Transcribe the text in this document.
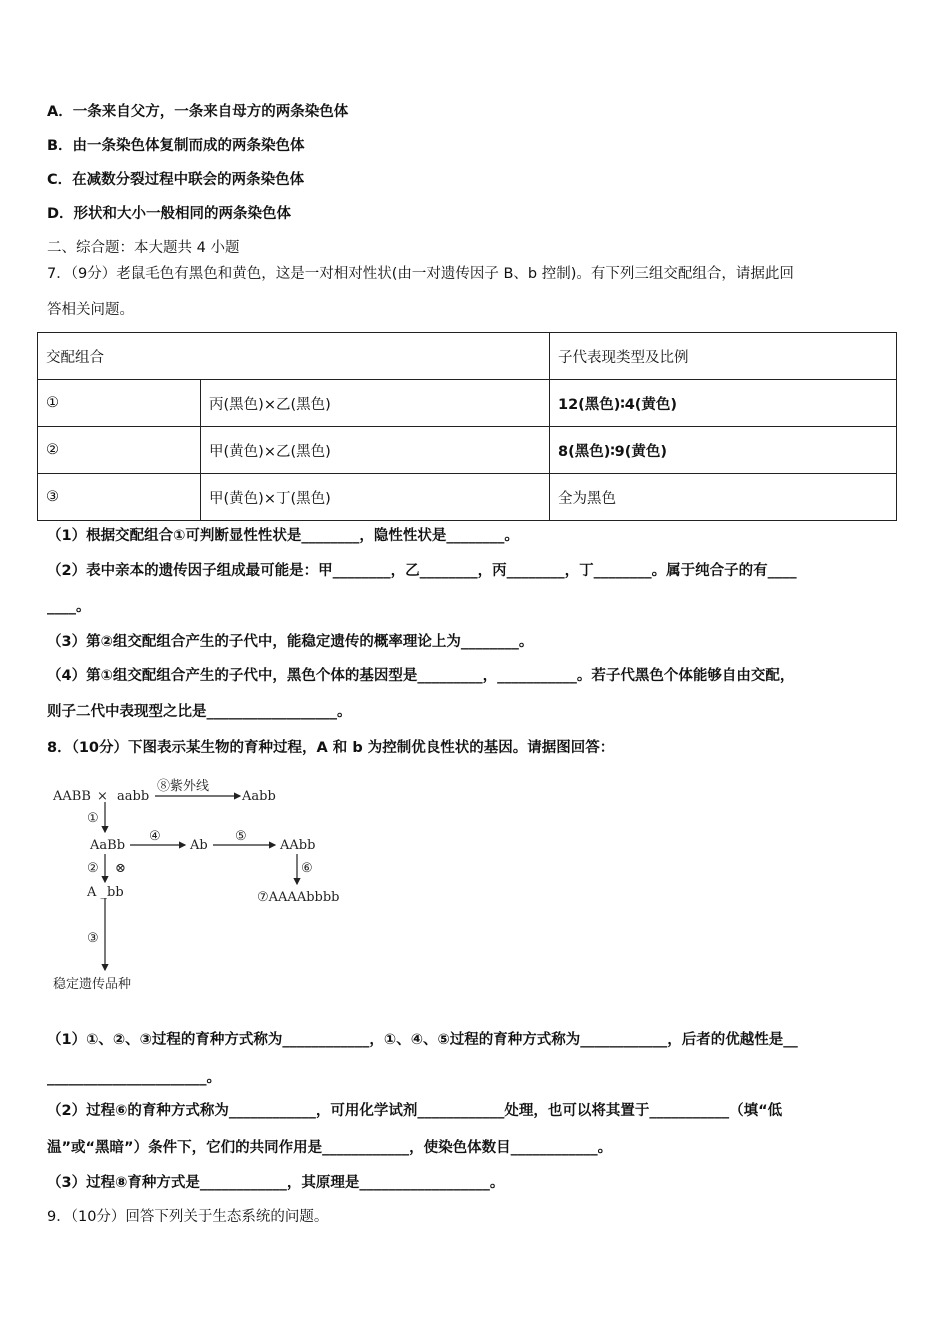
A．一条来自父方，一条来自母方的两条染色体
B．由一条染色体复制而成的两条染色体
C．在减数分裂过程中联会的两条染色体
D．形状和大小一般相同的两条染色体
二、综合题：本大题共 4 小题
7．（9分）老鼠毛色有黑色和黄色，这是一对相对性状(由一对遗传因子 B、b 控制)。有下列三组交配组合，请据此回
答相关问题。
交配组合		子代表现类型及比例
①	丙(黑色)×乙(黑色)	12(黑色)∶4(黄色)
②	甲(黄色)×乙(黑色)	8(黑色)∶9(黄色)
③	甲(黄色)×丁(黑色)	全为黑色
（1）根据交配组合①可判断显性性状是________，隐性性状是________。
（2）表中亲本的遗传因子组成最可能是：甲________，乙________，丙________，丁________。属于纯合子的有____
____。
（3）第②组交配组合产生的子代中，能稳定遗传的概率理论上为________。
（4）第①组交配组合产生的子代中，黑色个体的基因型是_________，___________。若子代黑色个体能够自由交配，
则子二代中表现型之比是__________________。
8．（10分）下图表示某生物的育种过程，A 和 b 为控制优良性状的基因。请据图回答：
AABB × aabb
⑧紫外线
Aabb
①
AaBb
④
Ab
⑤
AAbb
② ⊗	⑥
A _bb	⑦AAAAbbbb
③
稳定遗传品种
（1）①、②、③过程的育种方式称为____________，①、④、⑤过程的育种方式称为____________，后者的优越性是__
______________________。
（2）过程⑥的育种方式称为____________，可用化学试剂____________处理，也可以将其置于___________（填“低
温”或“黑暗”）条件下，它们的共同作用是____________，使染色体数目____________。
（3）过程⑧育种方式是____________，其原理是__________________。
9．（10分）回答下列关于生态系统的问题。
